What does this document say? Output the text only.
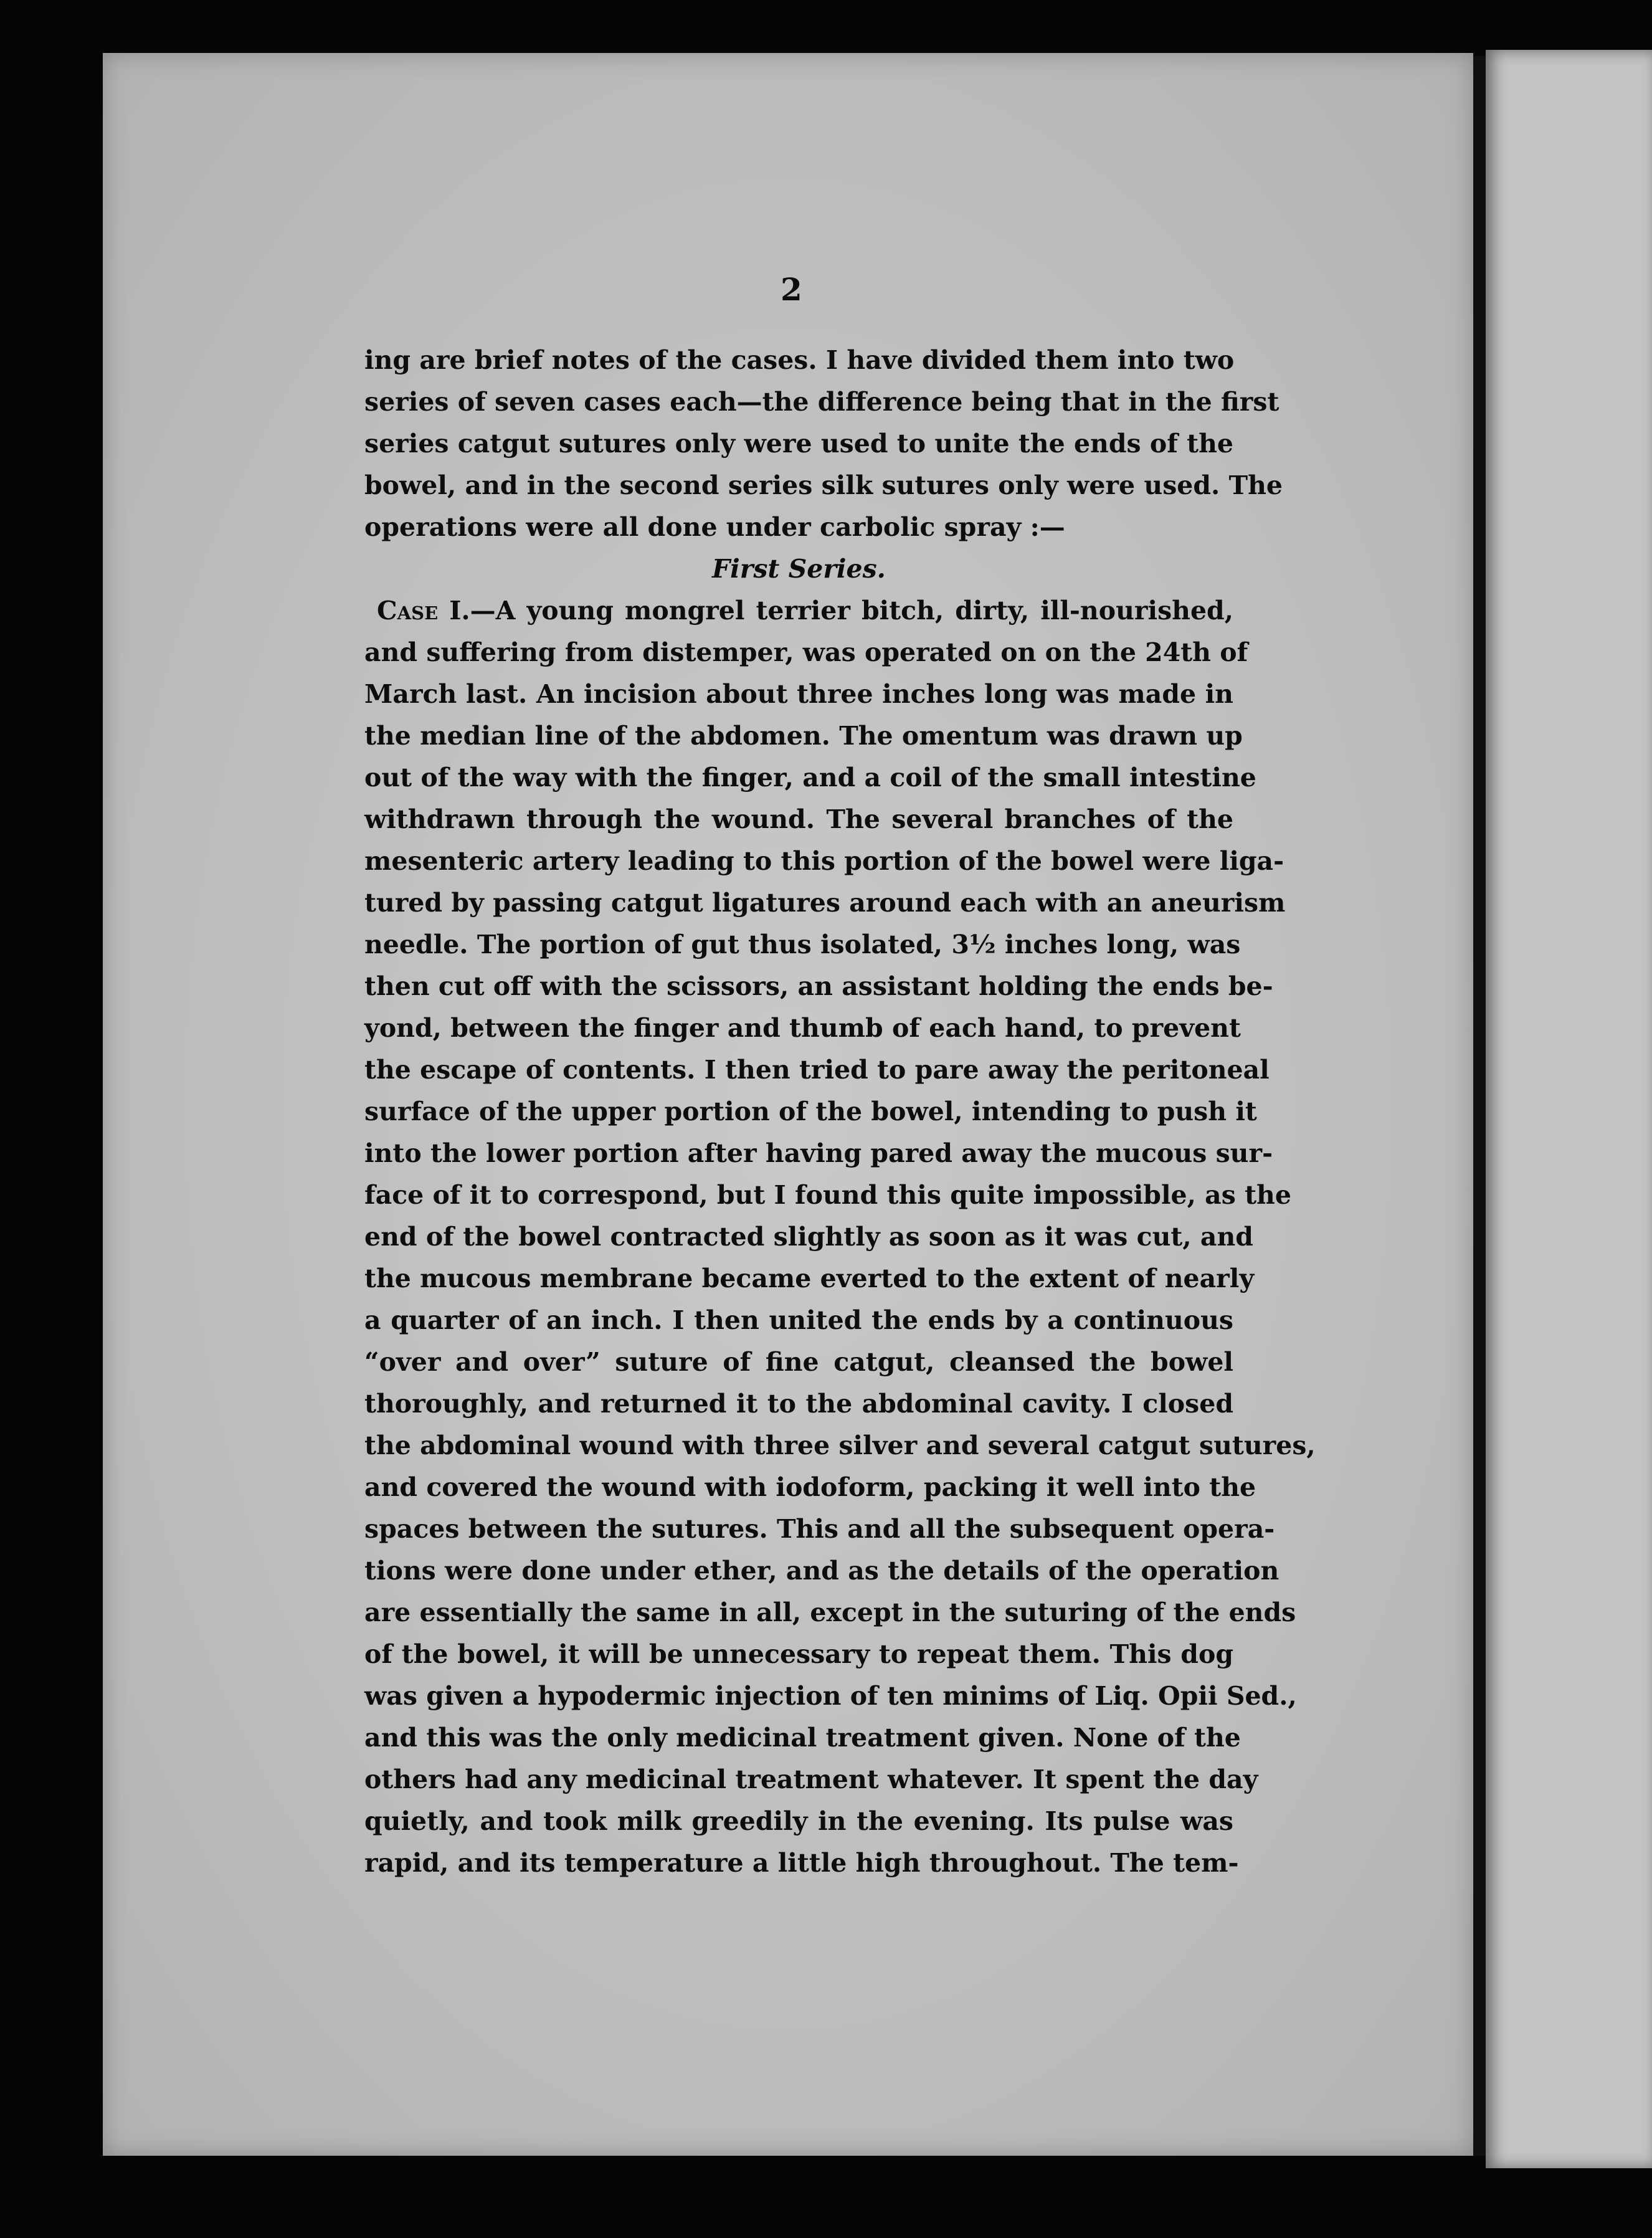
2
ing are brief notes of the cases. I have divided them into two
series of seven cases each—the difference being that in the first
series catgut sutures only were used to unite the ends of the
bowel, and in the second series silk sutures only were used. The
operations were all done under carbolic spray :—
First Series.
Case I.—A young mongrel terrier bitch, dirty, ill-nourished,
and suffering from distemper, was operated on on the 24th of
March last. An incision about three inches long was made in
the median line of the abdomen. The omentum was drawn up
out of the way with the finger, and a coil of the small intestine
withdrawn through the wound. The several branches of the
mesenteric artery leading to this portion of the bowel were liga-
tured by passing catgut ligatures around each with an aneurism
needle. The portion of gut thus isolated, 3½ inches long, was
then cut off with the scissors, an assistant holding the ends be-
yond, between the finger and thumb of each hand, to prevent
the escape of contents. I then tried to pare away the peritoneal
surface of the upper portion of the bowel, intending to push it
into the lower portion after having pared away the mucous sur-
face of it to correspond, but I found this quite impossible, as the
end of the bowel contracted slightly as soon as it was cut, and
the mucous membrane became everted to the extent of nearly
a quarter of an inch. I then united the ends by a continuous
“over and over” suture of fine catgut, cleansed the bowel
thoroughly, and returned it to the abdominal cavity. I closed
the abdominal wound with three silver and several catgut sutures,
and covered the wound with iodoform, packing it well into the
spaces between the sutures. This and all the subsequent opera-
tions were done under ether, and as the details of the operation
are essentially the same in all, except in the suturing of the ends
of the bowel, it will be unnecessary to repeat them. This dog
was given a hypodermic injection of ten minims of Liq. Opii Sed.,
and this was the only medicinal treatment given. None of the
others had any medicinal treatment whatever. It spent the day
quietly, and took milk greedily in the evening. Its pulse was
rapid, and its temperature a little high throughout. The tem-
